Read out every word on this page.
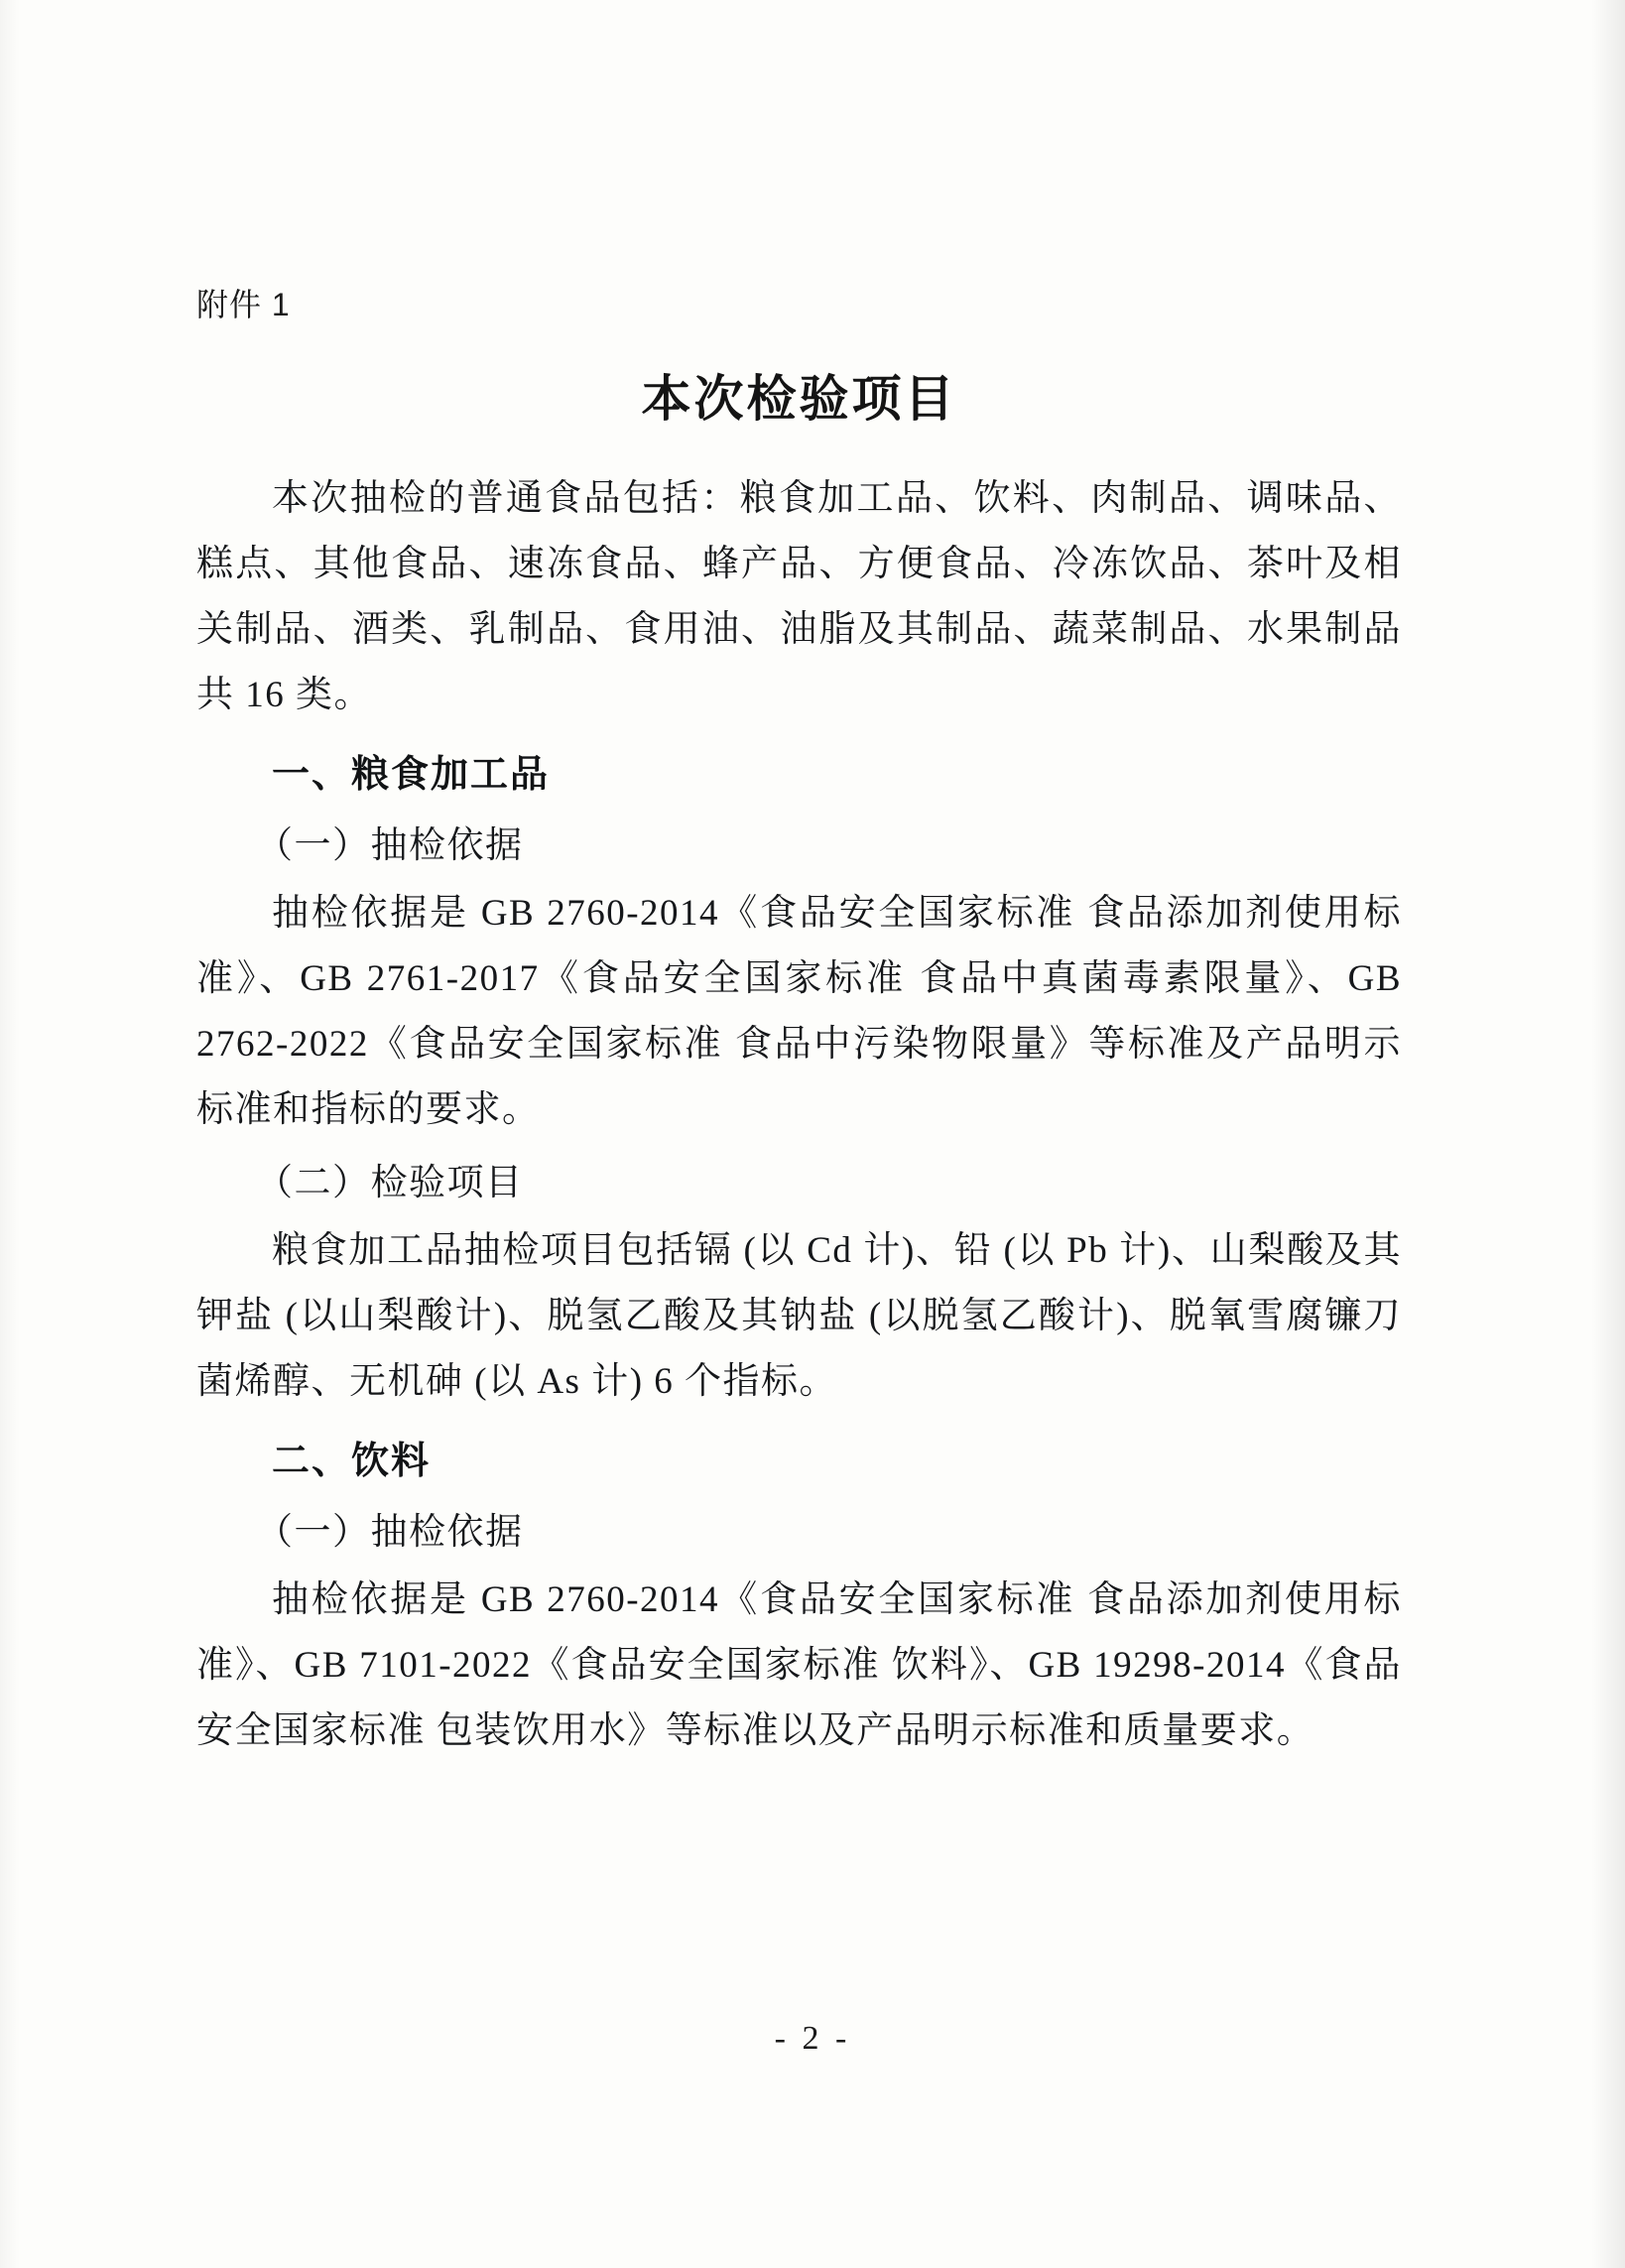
附件 1
本次检验项目

本次抽检的普通食品包括：粮食加工品、饮料、肉制品、调味品、糕点、其他食品、速冻食品、蜂产品、方便食品、冷冻饮品、茶叶及相关制品、酒类、乳制品、食用油、油脂及其制品、蔬菜制品、水果制品共 16 类。

一、粮食加工品
（一）抽检依据

抽检依据是 GB 2760-2014《食品安全国家标准 食品添加剂使用标准》、GB 2761-2017《食品安全国家标准 食品中真菌毒素限量》、GB 2762-2022《食品安全国家标准 食品中污染物限量》等标准及产品明示标准和指标的要求。

（二）检验项目

粮食加工品抽检项目包括镉 (以 Cd 计)、铅 (以 Pb 计)、山梨酸及其钾盐 (以山梨酸计)、脱氢乙酸及其钠盐 (以脱氢乙酸计)、脱氧雪腐镰刀菌烯醇、无机砷 (以 As 计) 6 个指标。

二、饮料
（一）抽检依据

抽检依据是 GB 2760-2014《食品安全国家标准 食品添加剂使用标准》、GB 7101-2022《食品安全国家标准 饮料》、GB 19298-2014《食品安全国家标准 包装饮用水》等标准以及产品明示标准和质量要求。

- 2 -
